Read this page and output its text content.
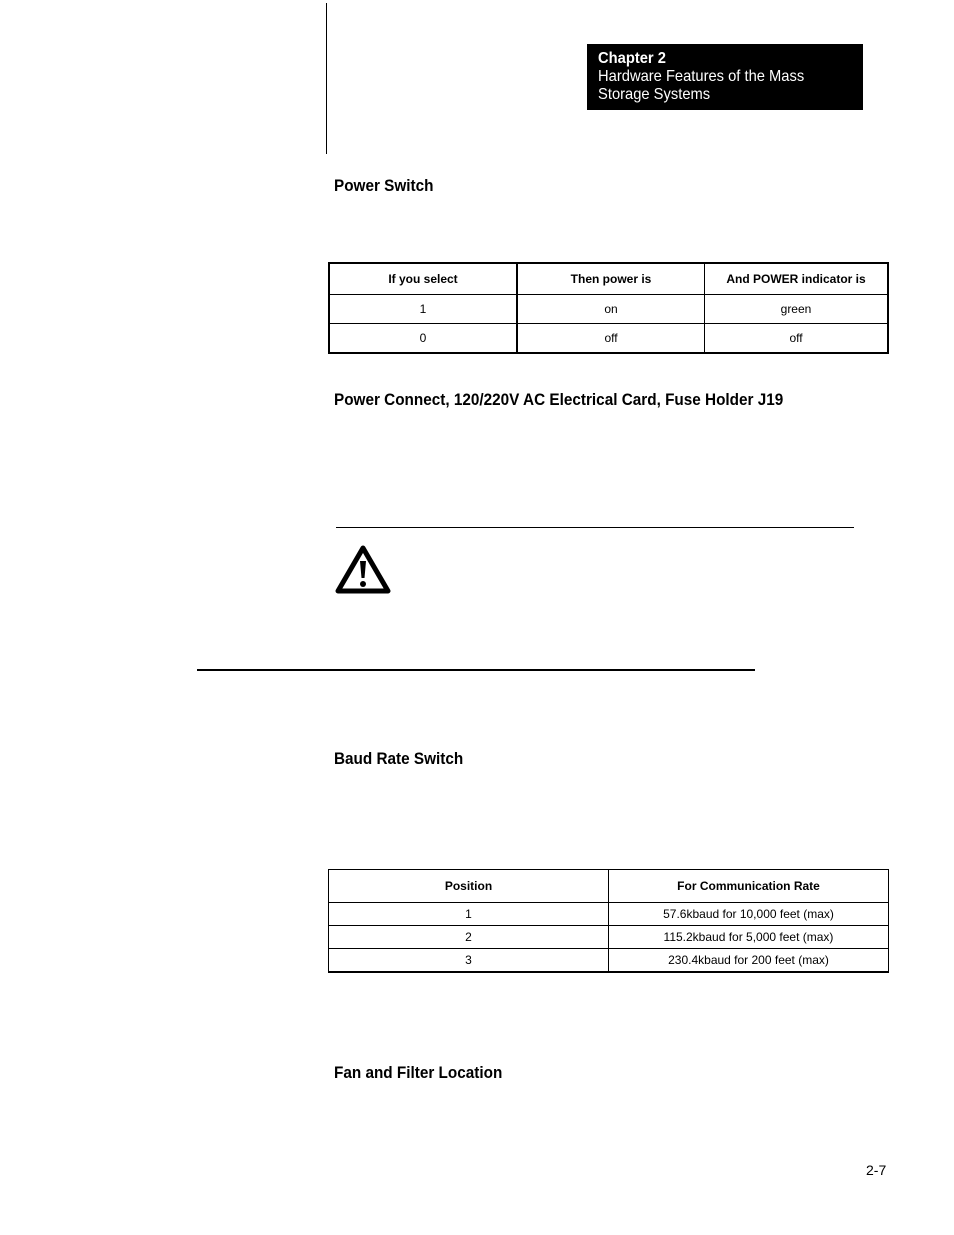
Chapter 2
Hardware Features of the Mass Storage Systems
Power Switch
If you select	Then power is	And POWER indicator is
1	on	green
0	off	off
Power Connect, 120/220V AC Electrical Card, Fuse Holder J19
Baud Rate Switch
Position	For Communication Rate
1	57.6kbaud for 10,000 feet (max)
2	115.2kbaud for 5,000 feet (max)
3	230.4kbaud for 200 feet (max)
Fan and Filter Location
2-7
